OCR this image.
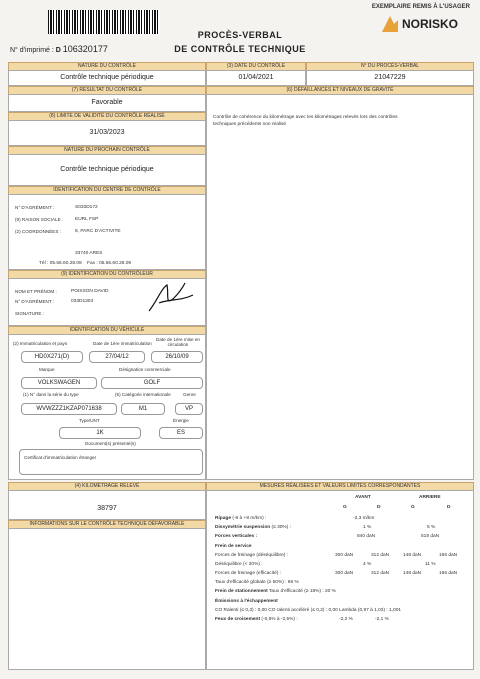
EXEMPLAIRE REMIS À L'USAGER
NORISKO
PROCÈS-VERBAL
DE CONTRÔLE TECHNIQUE
N° d'imprimé : D 106320177
NATURE DU CONTRÔLE
Contrôle technique périodique
(3) DATE DU CONTRÔLE
01/04/2021
N° DU PROCÈS-VERBAL
21047229
(7) RÉSULTAT DU CONTRÔLE
Favorable
(8) LIMITE DE VALIDITÉ DU CONTRÔLE RÉALISÉ
31/03/2023
NATURE DU PROCHAIN CONTRÔLE
Contrôle technique périodique
IDENTIFICATION DU CENTRE DE CONTRÔLE
N° D'AGRÉMENT :	S033D172
(9) RAISON SOCIALE : EURL FSP
(2) COORDONNÉES :	8, PARC D'ACTIVITE
33740 ARES
Tél : 05.56.60.28.09 Fax : 05.56.60.28.09
(9) IDENTIFICATION DU CONTRÔLEUR
NOM ET PRÉNOM :	POISSON DAVID
N° D'AGRÉMENT :	033D1303
SIGNATURE :
IDENTIFICATION DU VÉHICULE
(2) Immatriculation et pays	Date de 1ère immatriculation
Date de 1ère mise en circulation
HD0X271(D)	27/04/12	26/10/09
Marque	Désignation commerciale
VOLKSWAGEN	GOLF
(1) N° dans la série du type	(5) Catégorie internationale	Genre
WVWZZZ1KZAP071638	M1	VP
Type/UNT	Énergie
1K	ES
Document(s) présenté(s)
Certificat d'immatriculation étranger
(6) DÉFAILLANCES ET NIVEAUX DE GRAVITÉ
Contrôle de cohérence du kilométrage avec les kilométrages relevés lors des contrôles
techniques précédents non réalisé
(4) KILOMÉTRAGE RELEVÉ
38797
INFORMATIONS SUR LE CONTRÔLE TECHNIQUE DÉFAVORABLE
MESURES RÉALISÉES ET VALEURS LIMITES CORRESPONDANTES
AVANT	ARRIERE
G	D	G	D
Ripage (-8 à +8 m/km) :	-2,3 m/km
Dissymétrie suspension (≤ 30%) :	1 %	5 %
Forces verticales :	840 daN	518 daN
Frein de service
Forces de freinage (déséquilibre) :	300 daN	312 daN	148 daN	166 daN
Déséquilibre (< 20%) :	4 %	11 %
Forces de freinage (efficacité) :	300 daN	312 daN	148 daN	166 daN
Taux d'efficacité globale (≥ 50%) : 66 %
Frein de stationnement Taux d'efficacité (≥ 18%) : 20 %
Émissions à l'échappement
CO Ralenti (≤ 0,3) : 0,00 CO ralenti accéléré (≤ 0,2) : 0,00 Lambda (0,97 à 1,03) : 1,001
Feux de croisement (-0,5% à -2,5%) :	-2,2 %	-2,1 %
